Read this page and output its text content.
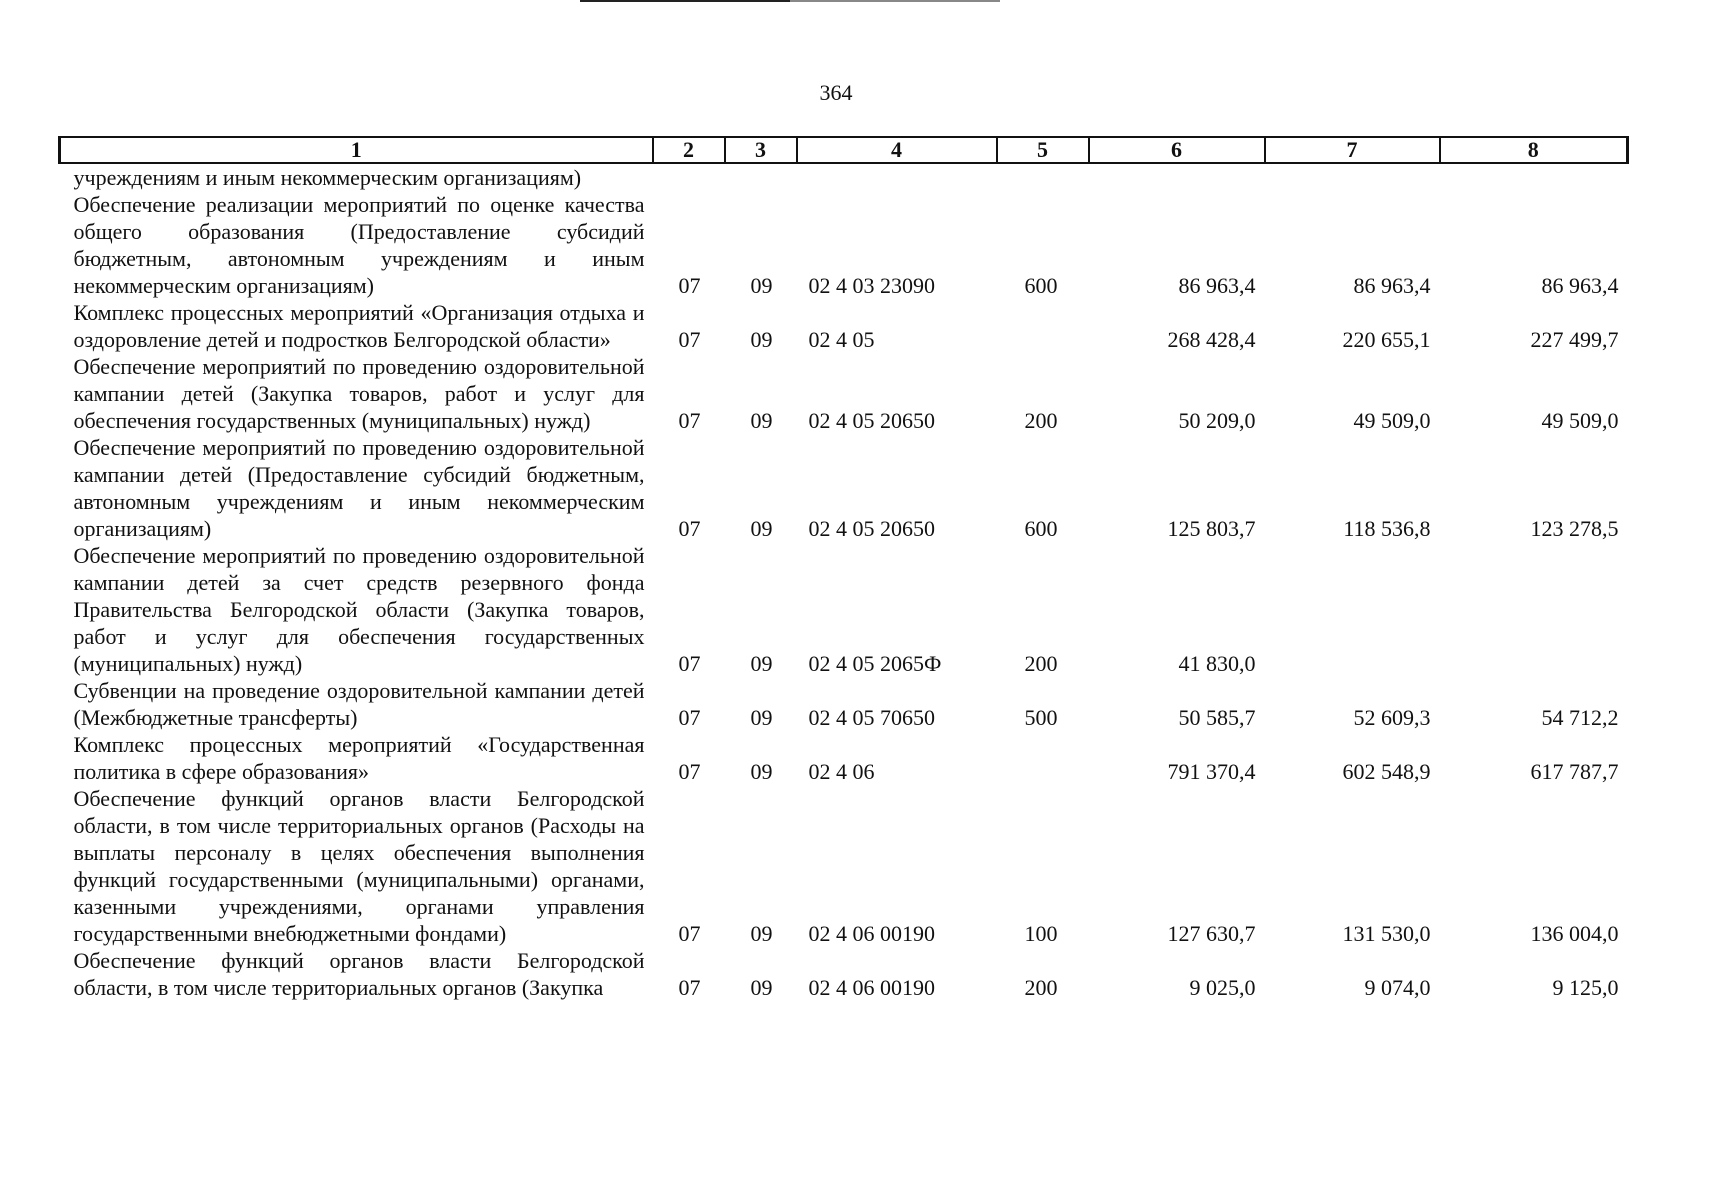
364
1	2	3	4	5	6	7	8
учреждениям и иным некоммерческим организациям)							
Обеспечение реализации мероприятий по оценке качества общего образования (Предоставление субсидий бюджетным, автономным учреждениям и иным некоммерческим организациям)	07	09	02 4 03 23090	600	86 963,4	86 963,4	86 963,4
Комплекс процессных мероприятий «Организация отдыха и оздоровление детей и подростков Белгородской области»	07	09	02 4 05		268 428,4	220 655,1	227 499,7
Обеспечение мероприятий по проведению оздоровительной кампании детей (Закупка товаров, работ и услуг для обеспечения государственных (муниципальных) нужд)	07	09	02 4 05 20650	200	50 209,0	49 509,0	49 509,0
Обеспечение мероприятий по проведению оздоровительной кампании детей (Предоставление субсидий бюджетным, автономным учреждениям и иным некоммерческим организациям)	07	09	02 4 05 20650	600	125 803,7	118 536,8	123 278,5
Обеспечение мероприятий по проведению оздоровительной кампании детей за счет средств резервного фонда Правительства Белгородской области (Закупка товаров, работ и услуг для обеспечения государственных (муниципальных) нужд)	07	09	02 4 05 2065Ф	200	41 830,0		
Субвенции на проведение оздоровительной кампании детей (Межбюджетные трансферты)	07	09	02 4 05 70650	500	50 585,7	52 609,3	54 712,2
Комплекс процессных мероприятий «Государственная политика в сфере образования»	07	09	02 4 06		791 370,4	602 548,9	617 787,7
Обеспечение функций органов власти Белгородской области, в том числе территориальных органов (Расходы на выплаты персоналу в целях обеспечения выполнения функций государственными (муниципальными) органами, казенными учреждениями, органами управления государственными внебюджетными фондами)	07	09	02 4 06 00190	100	127 630,7	131 530,0	136 004,0
Обеспечение функций органов власти Белгородской области, в том числе территориальных органов (Закупка	07	09	02 4 06 00190	200	9 025,0	9 074,0	9 125,0
